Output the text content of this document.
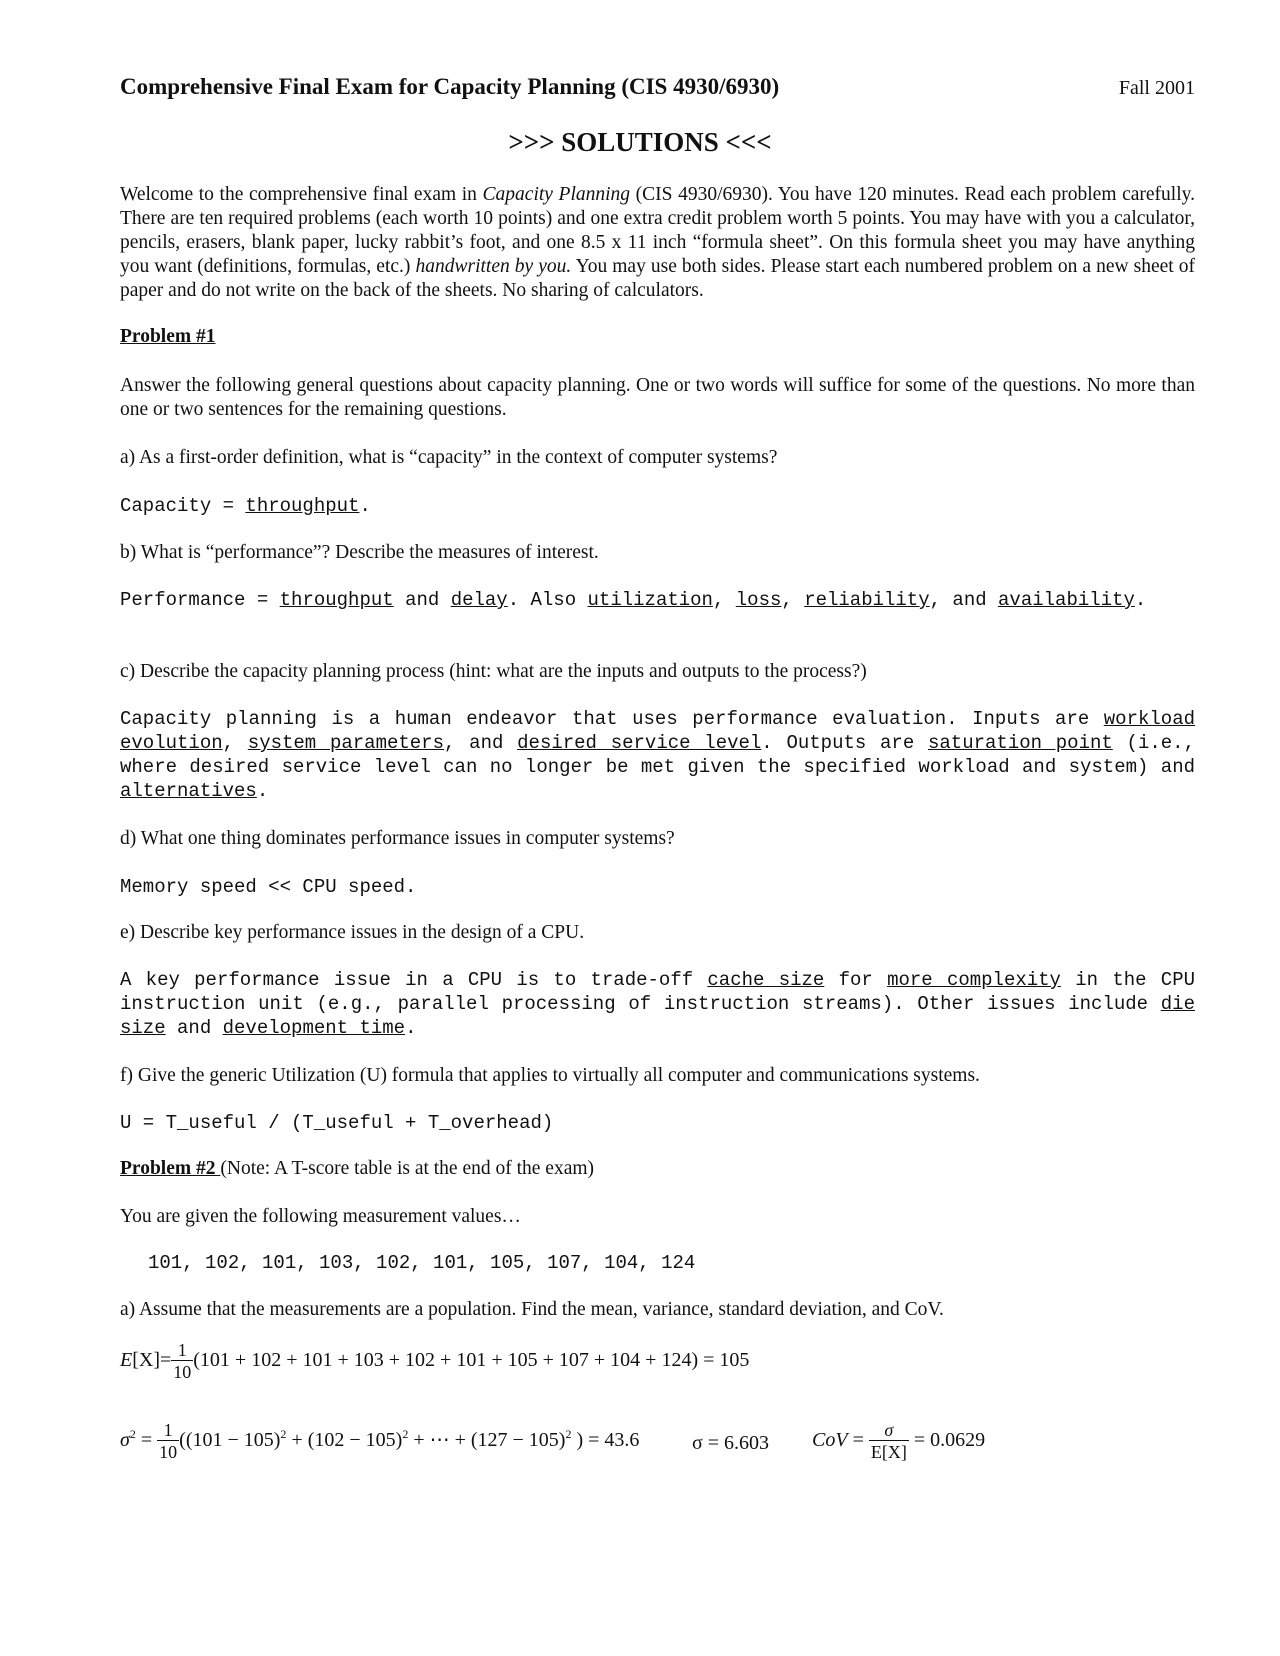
Comprehensive Final Exam for Capacity Planning (CIS 4930/6930)	Fall 2001
>>> SOLUTIONS <<<

Welcome to the comprehensive final exam in Capacity Planning (CIS 4930/6930). You have 120 minutes. Read each problem carefully. There are ten required problems (each worth 10 points) and one extra credit problem worth 5 points. You may have with you a calculator, pencils, erasers, blank paper, lucky rabbit’s foot, and one 8.5 x 11 inch “formula sheet”. On this formula sheet you may have anything you want (definitions, formulas, etc.) handwritten by you. You may use both sides. Please start each numbered problem on a new sheet of paper and do not write on the back of the sheets. No sharing of calculators.

Problem #1
Answer the following general questions about capacity planning. One or two words will suffice for some of the questions. No more than one or two sentences for the remaining questions.
a) As a first-order definition, what is “capacity” in the context of computer systems?
Capacity = throughput.
b) What is “performance”? Describe the measures of interest.
Performance = throughput and delay. Also utilization, loss, reliability, and availability.
c) Describe the capacity planning process (hint: what are the inputs and outputs to the process?)
Capacity planning is a human endeavor that uses performance evaluation. Inputs are workload evolution, system parameters, and desired service level. Outputs are saturation point (i.e., where desired service level can no longer be met given the specified workload and system) and alternatives.
d) What one thing dominates performance issues in computer systems?
Memory speed << CPU speed.
e) Describe key performance issues in the design of a CPU.
A key performance issue in a CPU is to trade-off cache size for more complexity in the CPU instruction unit (e.g., parallel processing of instruction streams). Other issues include die size and development time.
f) Give the generic Utilization (U) formula that applies to virtually all computer and communications systems.
U = T_useful / (T_useful + T_overhead)
Problem #2 (Note: A T-score table is at the end of the exam)
You are given the following measurement values…
101, 102, 101, 103, 102, 101, 105, 107, 104, 124
a) Assume that the measurements are a population. Find the mean, variance, standard deviation, and CoV.
$E[X]= \frac{1}{10} (101 + 102 + 101 + 103 + 102 + 101 + 105 + 107 + 104 + 124) = 105$
$\sigma^2 = \frac{1}{10} ((101 - 105)^2 + (102 - 105)^2$ + ⋯ + $(127 - 105)^2$ ) = 43.6	σ = 6.603 CoV = $\frac{\sigma}{E[X]} = 0.0629$
